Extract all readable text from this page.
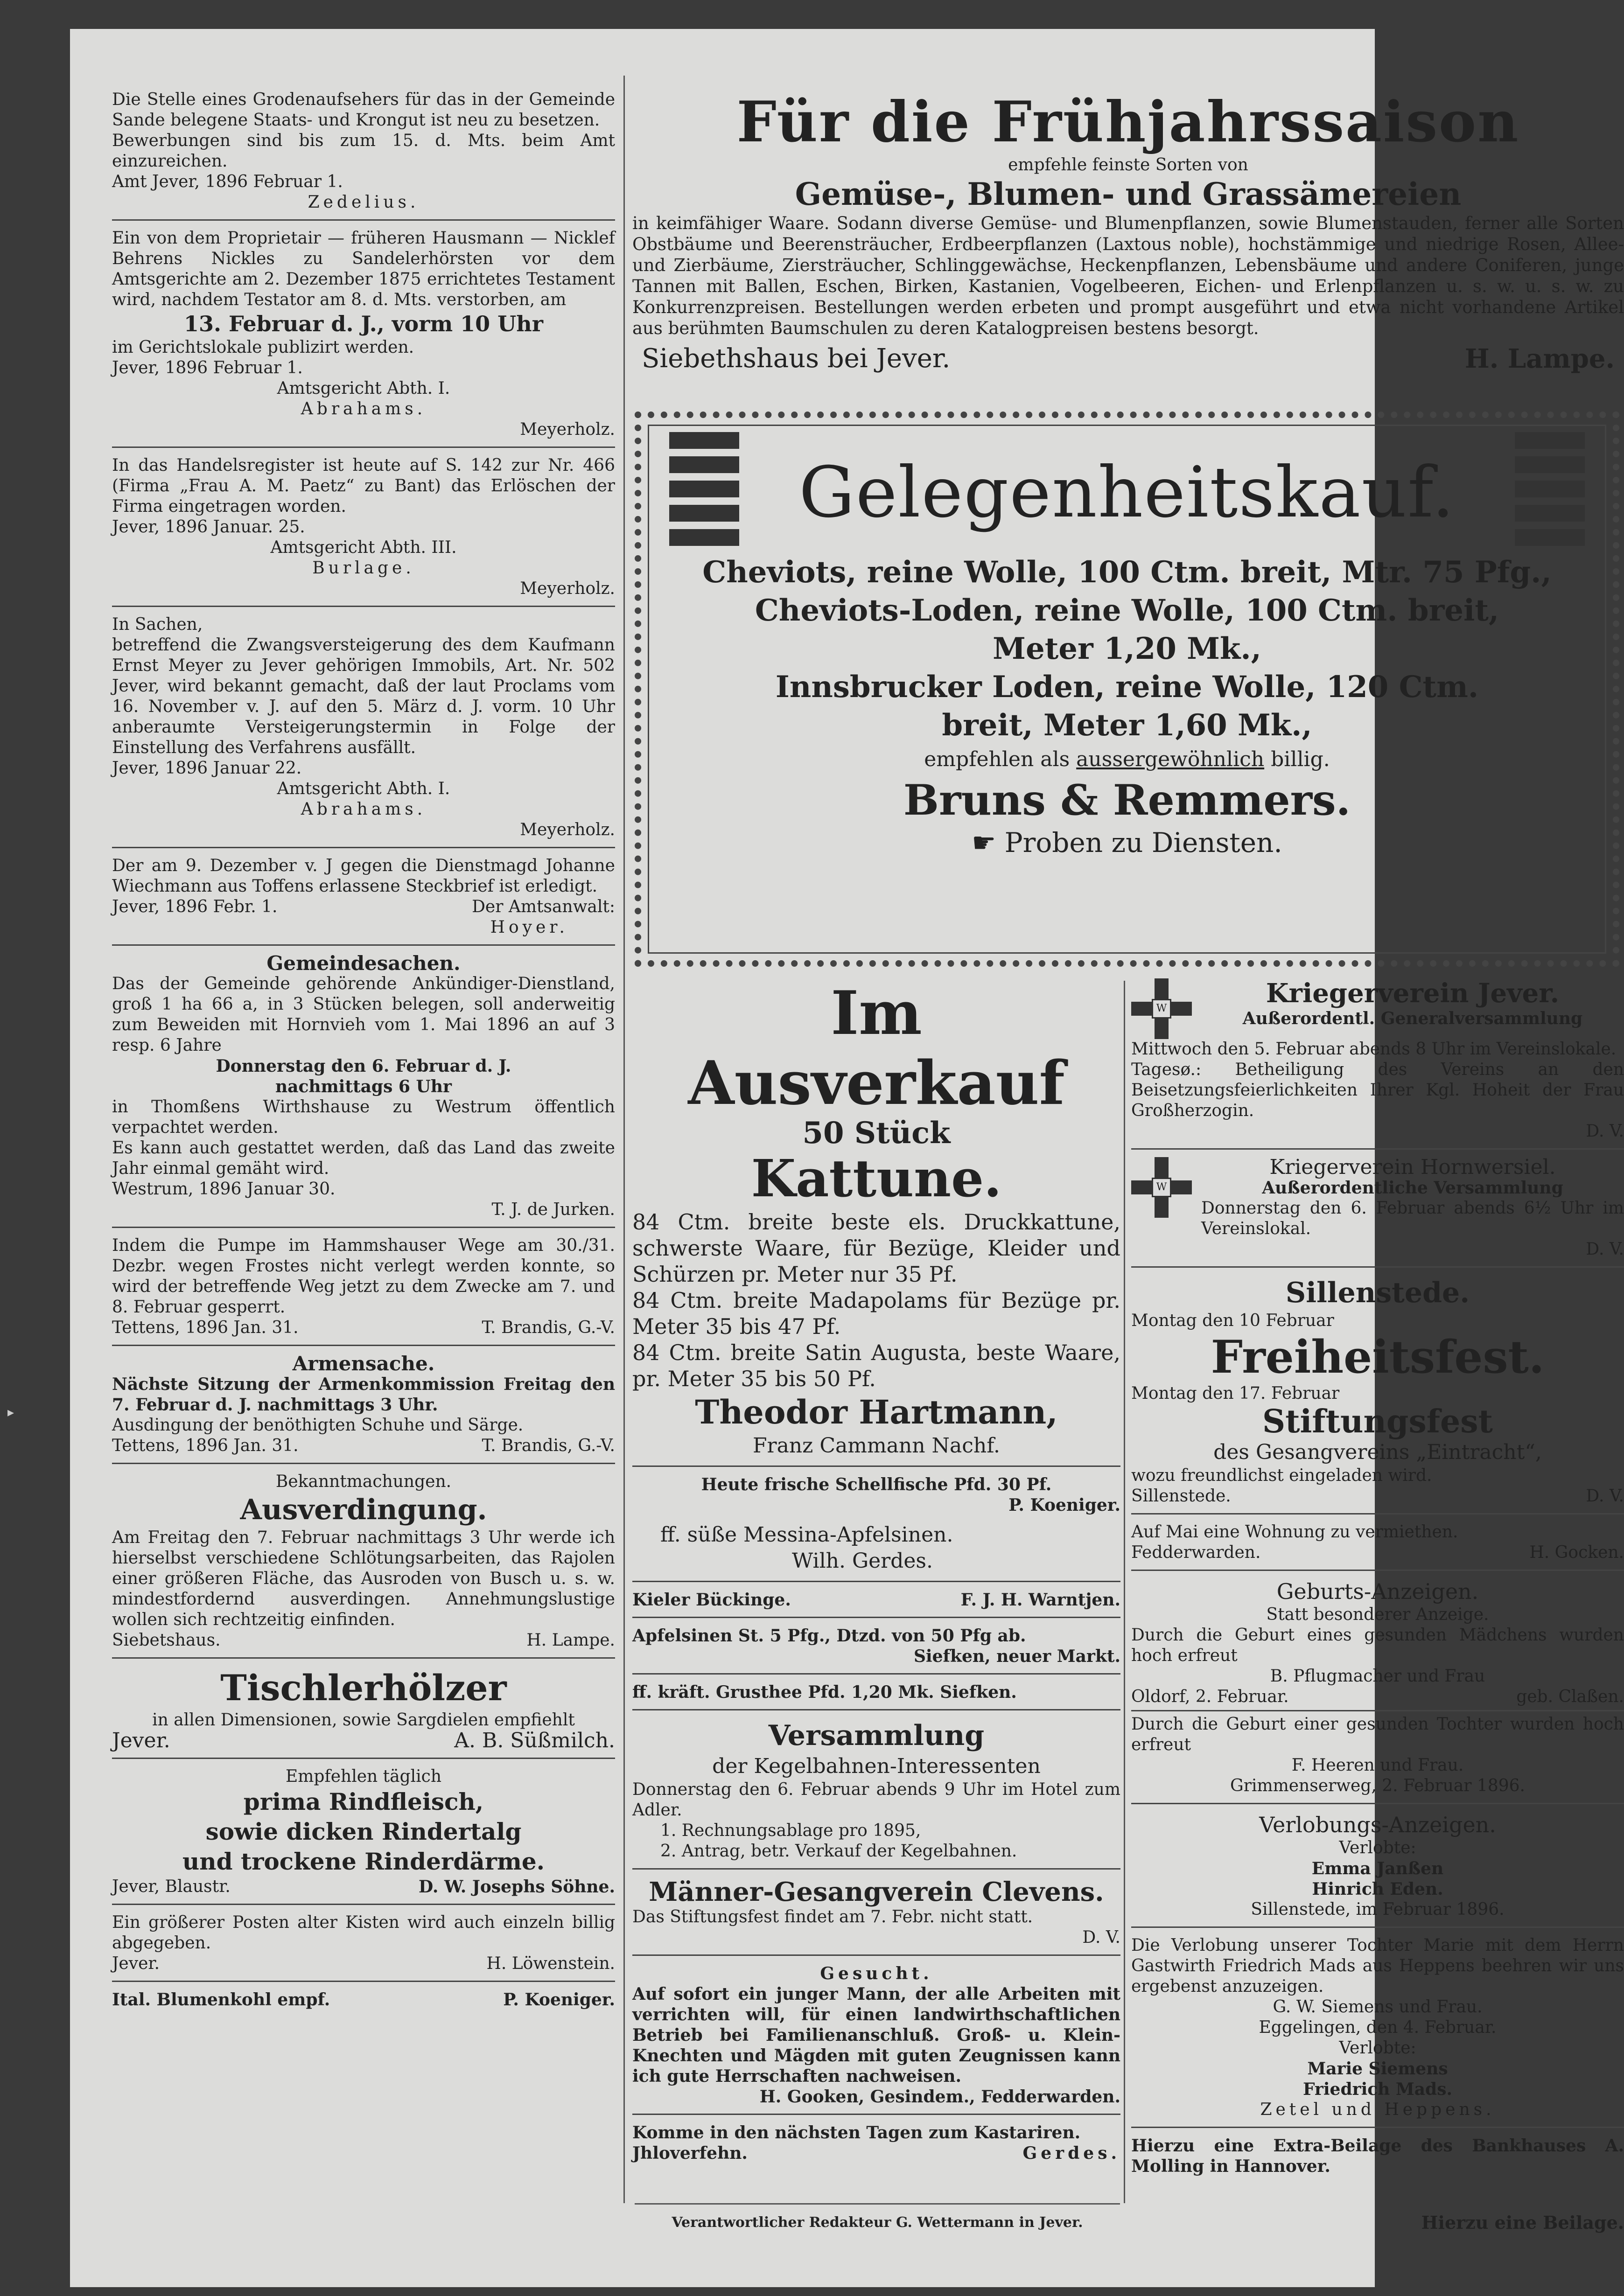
Die Stelle eines Grodenaufsehers für das in der Gemeinde Sande belegene Staats- und Krongut ist neu zu besetzen.

Bewerbungen sind bis zum 15. d. Mts. beim Amt einzureichen.

Amt Jever, 1896 Februar 1.

Zedelius.

Ein von dem Proprietair — früheren Hausmann — Nicklef Behrens Nickles zu Sandelerhörsten vor dem Amtsgerichte am 2. Dezember 1875 errichtetes Testament wird, nachdem Testator am 8. d. Mts. verstorben, am

13. Februar d. J., vorm 10 Uhr

im Gerichtslokale publizirt werden.

Jever, 1896 Februar 1.

Amtsgericht Abth. I.

Abrahams.

Meyerholz.

In das Handelsregister ist heute auf S. 142 zur Nr. 466 (Firma „Frau A. M. Paetz“ zu Bant) das Erlöschen der Firma eingetragen worden.

Jever, 1896 Januar. 25.

Amtsgericht Abth. III.

Burlage.

Meyerholz.

In Sachen,

betreffend die Zwangsversteigerung des dem Kaufmann Ernst Meyer zu Jever gehörigen Immobils, Art. Nr. 502 Jever, wird bekannt gemacht, daß der laut Proclams vom 16. November v. J. auf den 5. März d. J. vorm. 10 Uhr anberaumte Versteigerungstermin in Folge der Einstellung des Verfahrens ausfällt.

Jever, 1896 Januar 22.

Amtsgericht Abth. I.

Abrahams.

Meyerholz.

Der am 9. Dezember v. J gegen die Dienstmagd Johanne Wiechmann aus Toffens erlassene Steckbrief ist erledigt.

Jever, 1896 Febr. 1.	Der Amtsanwalt:

Hoyer.

Gemeindesachen.

Das der Gemeinde gehörende Ankündiger-Dienstland, groß 1 ha 66 a, in 3 Stücken belegen, soll anderweitig zum Beweiden mit Hornvieh vom 1. Mai 1896 an auf 3 resp. 6 Jahre

Donnerstag den 6. Februar d. J.

nachmittags 6 Uhr

in Thomßens Wirthshause zu Westrum öffentlich verpachtet werden.

Es kann auch gestattet werden, daß das Land das zweite Jahr einmal gemäht wird.

Westrum, 1896 Januar 30.

T. J. de Jurken.

Indem die Pumpe im Hammshauser Wege am 30./31. Dezbr. wegen Frostes nicht verlegt werden konnte, so wird der betreffende Weg jetzt zu dem Zwecke am 7. und 8. Februar gesperrt.

Tettens, 1896 Jan. 31.	T. Brandis, G.-V.

Armensache.

Nächste Sitzung der Armenkommission Freitag den 7. Februar d. J. nachmittags 3 Uhr.

Ausdingung der benöthigten Schuhe und Särge.

Tettens, 1896 Jan. 31.	T. Brandis, G.-V.

Bekanntmachungen.

Ausverdingung.

Am Freitag den 7. Februar nachmittags 3 Uhr werde ich hierselbst verschiedene Schlötungsarbeiten, das Rajolen einer größeren Fläche, das Ausroden von Busch u. s. w. mindestfordernd ausverdingen. Annehmungslustige wollen sich rechtzeitig einfinden.

Siebetshaus.	H. Lampe.

Tischlerhölzer

in allen Dimensionen, sowie Sargdielen empfiehlt

Jever.	A. B. Süßmilch.

Empfehlen täglich

prima Rindfleisch,

sowie dicken Rindertalg

und trockene Rinderdärme.

Jever, Blaustr.	D. W. Josephs Söhne.

Ein größerer Posten alter Kisten wird auch einzeln billig abgegeben.

Jever.	H. Löwenstein.
Ital. Blumenkohl empf.	P. Koeniger.

Für die Frühjahrssaison

empfehle feinste Sorten von

Gemüse-, Blumen- und Grassämereien

in keimfähiger Waare. Sodann diverse Gemüse- und Blumenpflanzen, sowie Blumenstauden, ferner alle Sorten Obstbäume und Beerensträucher, Erdbeerpflanzen (Laxtous noble), hochstämmige und niedrige Rosen, Allee- und Zierbäume, Ziersträucher, Schlinggewächse, Heckenpflanzen, Lebensbäume und andere Coniferen, junge Tannen mit Ballen, Eschen, Birken, Kastanien, Vogelbeeren, Eichen- und Erlenpflanzen u. s. w. u. s. w. zu Konkurrenzpreisen. Bestellungen werden erbeten und prompt ausgeführt und etwa nicht vorhandene Artikel aus berühmten Baumschulen zu deren Katalogpreisen bestens besorgt.

Siebethshaus bei Jever.	H. Lampe.
Gelegenheitskauf.

Cheviots, reine Wolle, 100 Ctm. breit, Mtr. 75 Pfg.,

Cheviots-Loden, reine Wolle, 100 Ctm. breit,

Meter 1,20 Mk.,

Innsbrucker Loden, reine Wolle, 120 Ctm.

breit, Meter 1,60 Mk.,

empfehlen als aussergewöhnlich billig.

Bruns & Remmers.

☛ Proben zu Diensten.

Im Ausverkauf

50 Stück

Kattune.

84 Ctm. breite beste els. Druckkattune, schwerste Waare, für Bezüge, Kleider und Schürzen pr. Meter nur 35 Pf.

84 Ctm. breite Madapolams für Bezüge pr. Meter 35 bis 47 Pf.

84 Ctm. breite Satin Augusta, beste Waare, pr. Meter 35 bis 50 Pf.

Theodor Hartmann,

Franz Cammann Nachf.

Heute frische Schellfische Pfd. 30 Pf.

P. Koeniger.

ff. süße Messina-Apfelsinen.

Wilh. Gerdes.

Kieler Bückinge.	F. J. H. Warntjen.

Apfelsinen St. 5 Pfg., Dtzd. von 50 Pfg ab.

Siefken, neuer Markt.

ff. kräft. Grusthee Pfd. 1,20 Mk. Siefken.

Versammlung

der Kegelbahnen-Interessenten

Donnerstag den 6. Februar abends 9 Uhr im Hotel zum Adler.

1. Rechnungsablage pro 1895,

2. Antrag, betr. Verkauf der Kegelbahnen.

Männer-Gesangverein Clevens.

Das Stiftungsfest findet am 7. Febr. nicht statt.

D. V.

Gesucht.

Auf sofort ein junger Mann, der alle Arbeiten mit verrichten will, für einen landwirthschaftlichen Betrieb bei Familienanschluß. Groß- u. Klein-Knechten und Mägden mit guten Zeugnissen kann ich gute Herrschaften nachweisen.

H. Gooken, Gesindem., Fedderwarden.

Komme in den nächsten Tagen zum Kastariren.

Jhloverfehn.	Gerdes.
W	Kriegerverein Jever.

Außerordentl. Generalversammlung

Mittwoch den 5. Februar abends 8 Uhr im Vereinslokale.

Tagesø.: Betheiligung des Vereins an den Beisetzungsfeierlichkeiten Ihrer Kgl. Hoheit der Frau Großherzogin.

D. V.

W

Kriegerverein Hornwersiel.

Außerordentliche Versammlung

Donnerstag den 6. Februar abends 6½ Uhr im Vereinslokal.

D. V.

Sillenstede.

Montag den 10 Februar

Freiheitsfest.

Montag den 17. Februar

Stiftungsfest

des Gesangvereins „Eintracht“,

wozu freundlichst eingeladen wird.

Sillenstede.	D. V.

Auf Mai eine Wohnung zu vermiethen.

Fedderwarden.	H. Gocken.

Geburts-Anzeigen.

Statt besonderer Anzeige.

Durch die Geburt eines gesunden Mädchens wurden hoch erfreut

B. Pflugmacher und Frau

Oldorf, 2. Februar.	geb. Claßen.

Durch die Geburt einer gesunden Tochter wurden hoch erfreut

F. Heeren und Frau.

Grimmenserweg, 2. Februar 1896.

Verlobungs-Anzeigen.

Verlobte:

Emma Janßen

Hinrich Eden.

Sillenstede, im Februar 1896.

Die Verlobung unserer Tochter Marie mit dem Herrn Gastwirth Friedrich Mads aus Heppens beehren wir uns ergebenst anzuzeigen.

G. W. Siemens und Frau.

Eggelingen, den 4. Februar.

Verlobte:

Marie Siemens

Friedrich Mads.

Zetel und Heppens.

Hierzu eine Extra-Beilage des Bankhauses A. Molling in Hannover.

Verantwortlicher Redakteur G. Wettermann in Jever.	Hierzu eine Beilage.

▸
